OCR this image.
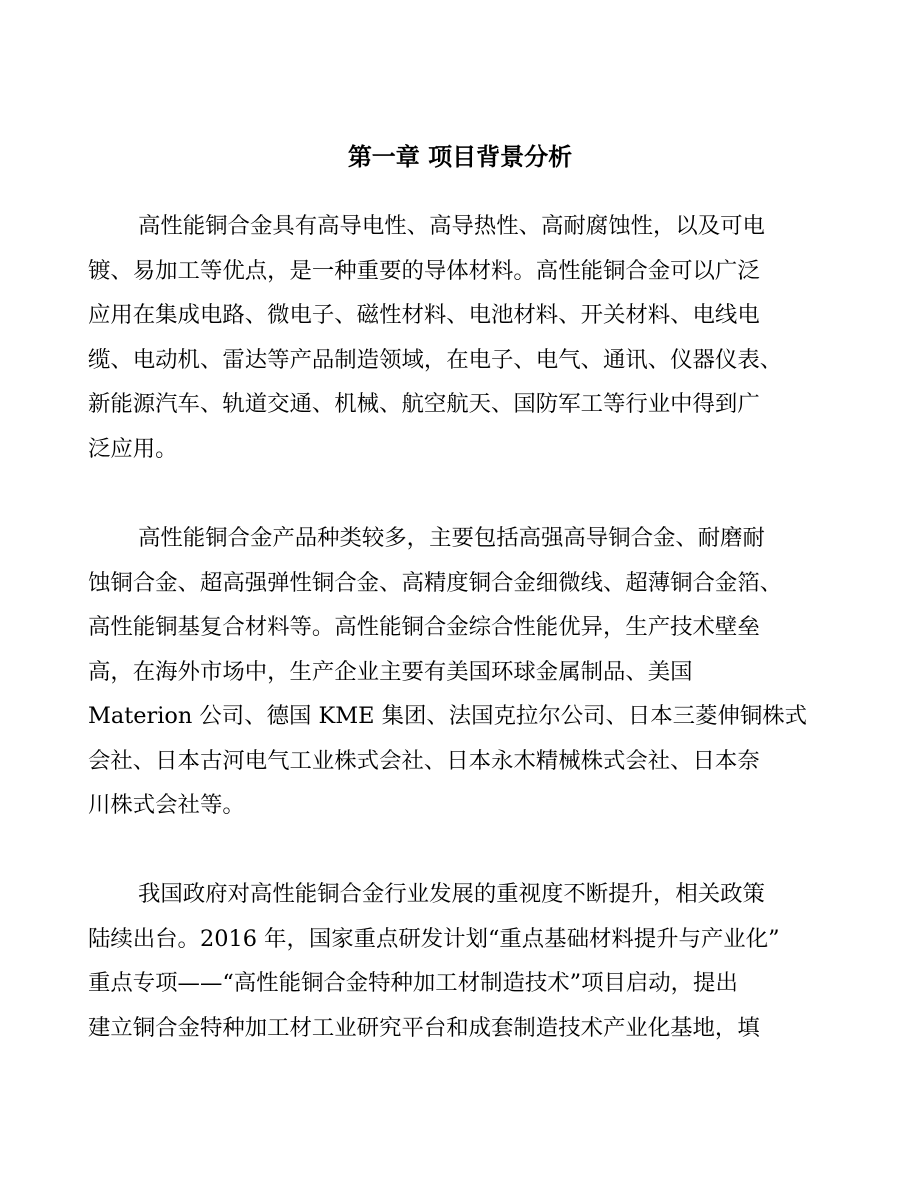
第一章 项目背景分析
高性能铜合金具有高导电性、高导热性、高耐腐蚀性，以及可电
镀、易加工等优点，是一种重要的导体材料。高性能铜合金可以广泛
应用在集成电路、微电子、磁性材料、电池材料、开关材料、电线电
缆、电动机、雷达等产品制造领域，在电子、电气、通讯、仪器仪表、
新能源汽车、轨道交通、机械、航空航天、国防军工等行业中得到广
泛应用。
高性能铜合金产品种类较多，主要包括高强高导铜合金、耐磨耐
蚀铜合金、超高强弹性铜合金、高精度铜合金细微线、超薄铜合金箔、
高性能铜基复合材料等。高性能铜合金综合性能优异，生产技术壁垒
高，在海外市场中，生产企业主要有美国环球金属制品、美国
Materion 公司、德国 KME 集团、法国克拉尔公司、日本三菱伸铜株式
会社、日本古河电气工业株式会社、日本永木精械株式会社、日本奈
川株式会社等。
我国政府对高性能铜合金行业发展的重视度不断提升，相关政策
陆续出台。2016 年，国家重点研发计划“重点基础材料提升与产业化”
重点专项——“高性能铜合金特种加工材制造技术”项目启动，提出
建立铜合金特种加工材工业研究平台和成套制造技术产业化基地，填
